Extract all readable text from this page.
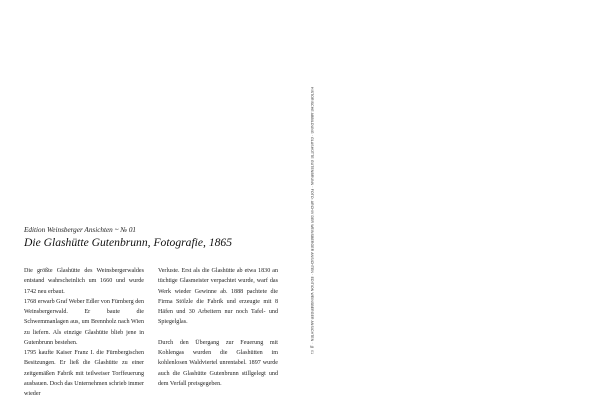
Edition Weinsberger Ansichten ~ № 01
Die Glashütte Gutenbrunn, Fotografie, 1865

Die größte Glashütte des Weinsbergerwaldes entstand wahrscheinlich um 1660 und wurde 1742 neu erbaut.

1768 erwarb Graf Weber Edler von Fürnberg den Weinsbergerwald. Er baute die Schwemmanlagen aus, um Brennholz nach Wien zu liefern. Als einzige Glashütte blieb jene in Gutenbrunn bestehen.

1795 kaufte Kaiser Franz I. die Fürnbergischen Besitzungen. Er ließ die Glashütte zu einer zeitgemäßen Fabrik mit teilweiser Torffeuerung ausbauen. Doch das Unternehmen schrieb immer wieder

Verluste. Erst als die Glashütte ab etwa 1830 an tüchtige Glasmeister verpachtet wurde, warf das Werk wieder Gewinne ab. 1888 pachtete die Firma Stölzle die Fabrik und erzeugte mit 8 Häfen und 30 Arbeitern nur noch Tafel- und Spiegelglas.

Durch den Übergang zur Feuerung mit Kohlengas wurden die Glashütten im kohlenlosen Waldviertel unrentabel. 1897 wurde auch die Glashütte Gutenbrunn stillgelegt und dem Verfall preisgegeben.

HISTORISCHE ABBILDUNG · GLASHÜTTE GUTENBRUNN · FOTO: ARCHIV DER WEINSBERGER ANSICHTEN · EDITION WEINSBERGER ANSICHTEN · № 01
